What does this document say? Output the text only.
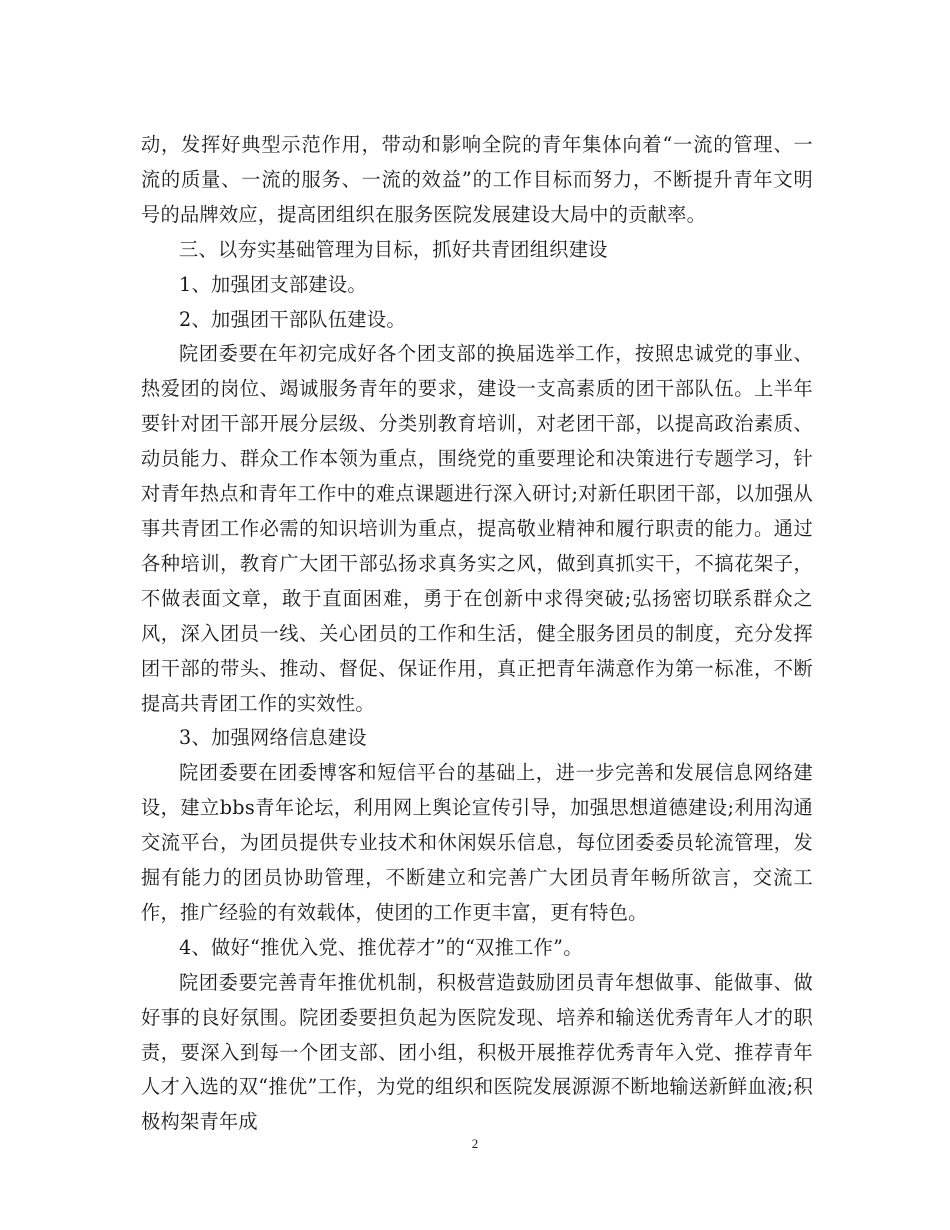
动，发挥好典型示范作用，带动和影响全院的青年集体向着“一流的管理、一流的质量、一流的服务、一流的效益”的工作目标而努力，不断提升青年文明号的品牌效应，提高团组织在服务医院发展建设大局中的贡献率。

三、以夯实基础管理为目标，抓好共青团组织建设

1、加强团支部建设。

2、加强团干部队伍建设。

院团委要在年初完成好各个团支部的换届选举工作，按照忠诚党的事业、热爱团的岗位、竭诚服务青年的要求，建设一支高素质的团干部队伍。上半年要针对团干部开展分层级、分类别教育培训，对老团干部，以提高政治素质、动员能力、群众工作本领为重点，围绕党的重要理论和决策进行专题学习，针对青年热点和青年工作中的难点课题进行深入研讨;对新任职团干部，以加强从事共青团工作必需的知识培训为重点，提高敬业精神和履行职责的能力。通过各种培训，教育广大团干部弘扬求真务实之风，做到真抓实干，不搞花架子，不做表面文章，敢于直面困难，勇于在创新中求得突破;弘扬密切联系群众之风，深入团员一线、关心团员的工作和生活，健全服务团员的制度，充分发挥团干部的带头、推动、督促、保证作用，真正把青年满意作为第一标准，不断提高共青团工作的实效性。

3、加强网络信息建设

院团委要在团委博客和短信平台的基础上，进一步完善和发展信息网络建设，建立bbs青年论坛，利用网上舆论宣传引导，加强思想道德建设;利用沟通交流平台，为团员提供专业技术和休闲娱乐信息，每位团委委员轮流管理，发掘有能力的团员协助管理，不断建立和完善广大团员青年畅所欲言，交流工作，推广经验的有效载体，使团的工作更丰富，更有特色。

4、做好“推优入党、推优荐才”的“双推工作”。

院团委要完善青年推优机制，积极营造鼓励团员青年想做事、能做事、做好事的良好氛围。院团委要担负起为医院发现、培养和输送优秀青年人才的职责，要深入到每一个团支部、团小组，积极开展推荐优秀青年入党、推荐青年人才入选的双“推优”工作，为党的组织和医院发展源源不断地输送新鲜血液;积极构架青年成

2
